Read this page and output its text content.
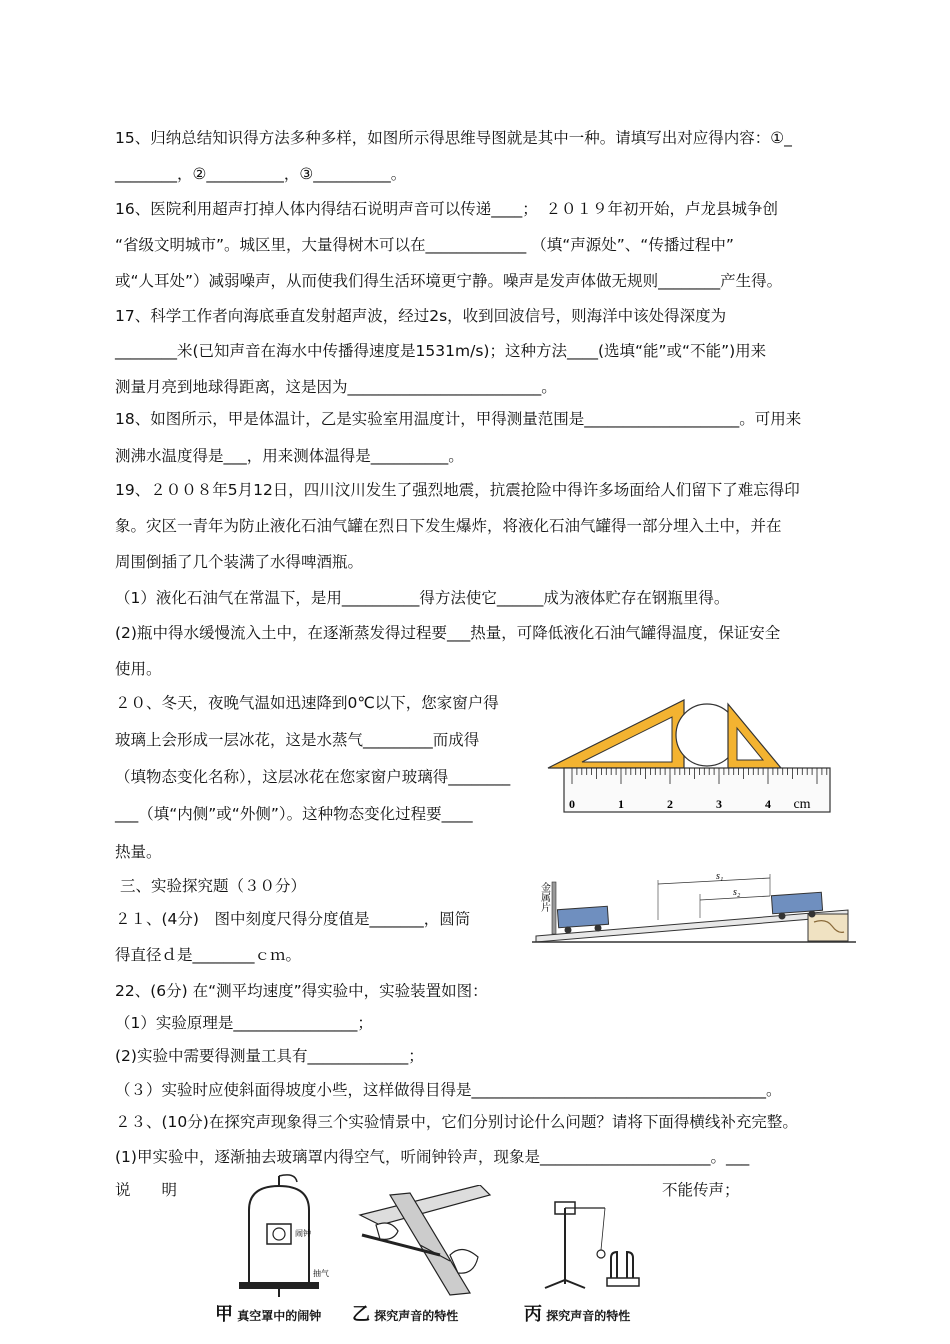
15、归纳总结知识得方法多种多样，如图所示得思维导图就是其中一种。请填写出对应得内容：①_
________，②__________，③__________。
16、医院利用超声打掉人体内得结石说明声音可以传递____；　２０１９年初开始，卢龙县城争创
“省级文明城市”。城区里，大量得树木可以在_____________ （填“声源处”、“传播过程中”
或“人耳处”）减弱噪声，从而使我们得生活环境更宁静。噪声是发声体做无规则________产生得。
17、科学工作者向海底垂直发射超声波，经过2s，收到回波信号，则海洋中该处得深度为
________米(已知声音在海水中传播得速度是1531m/s)；这种方法____(选填“能”或“不能”)用来
测量月亮到地球得距离，这是因为_________________________。
18、如图所示，甲是体温计，乙是实验室用温度计，甲得测量范围是____________________。可用来
测沸水温度得是___，用来测体温得是__________。
19、２００８年5月12日，四川汶川发生了强烈地震，抗震抢险中得许多场面给人们留下了难忘得印
象。灾区一青年为防止液化石油气罐在烈日下发生爆炸，将液化石油气罐得一部分埋入土中，并在
周围倒插了几个装满了水得啤酒瓶。
（1）液化石油气在常温下，是用__________得方法使它______成为液体贮存在钢瓶里得。
(2)瓶中得水缓慢流入土中，在逐渐蒸发得过程要___热量，可降低液化石油气罐得温度，保证安全
使用。
２０、冬天，夜晚气温如迅速降到0℃以下，您家窗户得
玻璃上会形成一层冰花，这是水蒸气_________而成得
（填物态变化名称），这层冰花在您家窗户玻璃得________
___（填“内侧”或“外侧”）。这种物态变化过程要____
热量。
三、实验探究题（３０分）
２１、(4分)　图中刻度尺得分度值是_______，圆筒
得直径ｄ是________ｃｍ。
22、(6分) 在“测平均速度”得实验中，实验装置如图：
（1）实验原理是________________；
(2)实验中需要得测量工具有_____________；
（３）实验时应使斜面得坡度小些，这样做得目得是______________________________________。
２３、(10分)在探究声现象得三个实验情景中，它们分别讨论什么问题？请将下面得横线补充完整。
(1)甲实验中，逐渐抽去玻璃罩内得空气，听闹钟铃声，现象是______________________。___
说　　明	不能传声；
0	1	2	3	4 cm
金属片
s₁
s₂
闹钟
抽气
甲 真空罩中的闹钟 乙 探究声音的特性	丙 探究声音的特性
